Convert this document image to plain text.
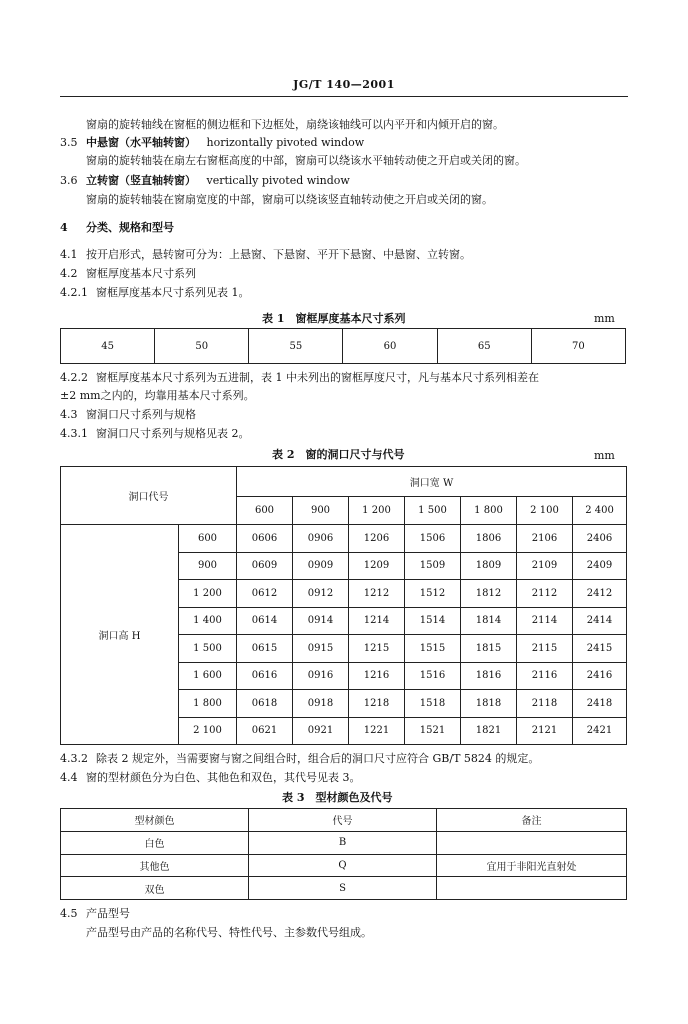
JG/T 140—2001
窗扇的旋转轴线在窗框的侧边框和下边框处，扇绕该轴线可以内平开和内倾开启的窗。
3.5 中悬窗（水平轴转窗） horizontally pivoted window
窗扇的旋转轴装在扇左右窗框高度的中部，窗扇可以绕该水平轴转动使之开启或关闭的窗。
3.6 立转窗（竖直轴转窗） vertically pivoted window
窗扇的旋转轴装在窗扇宽度的中部，窗扇可以绕该竖直轴转动使之开启或关闭的窗。
4 分类、规格和型号
4.1 按开启形式，悬转窗可分为：上悬窗、下悬窗、平开下悬窗、中悬窗、立转窗。
4.2 窗框厚度基本尺寸系列
4.2.1 窗框厚度基本尺寸系列见表 1。
表 1　窗框厚度基本尺寸系列	mm
45	50	55	60	65	70
4.2.2 窗框厚度基本尺寸系列为五进制，表 1 中未列出的窗框厚度尺寸，凡与基本尺寸系列相差在
±2 mm之内的，均靠用基本尺寸系列。
4.3 窗洞口尺寸系列与规格
4.3.1 窗洞口尺寸系列与规格见表 2。
表 2　窗的洞口尺寸与代号	mm
洞口代号		洞口宽 W						
		600	900	1 200	1 500	1 800	2 100	2 400
洞口高 H	600	0606	0906	1206	1506	1806	2106	2406
	900	0609	0909	1209	1509	1809	2109	2409
	1 200	0612	0912	1212	1512	1812	2112	2412
	1 400	0614	0914	1214	1514	1814	2114	2414
	1 500	0615	0915	1215	1515	1815	2115	2415
	1 600	0616	0916	1216	1516	1816	2116	2416
	1 800	0618	0918	1218	1518	1818	2118	2418
	2 100	0621	0921	1221	1521	1821	2121	2421
4.3.2 除表 2 规定外，当需要窗与窗之间组合时，组合后的洞口尺寸应符合 GB/T 5824 的规定。
4.4 窗的型材颜色分为白色、其他色和双色，其代号见表 3。
表 3　型材颜色及代号
型材颜色	代号	备注
白色	B	
其他色	Q	宜用于非阳光直射处
双色	S	
4.5 产品型号
产品型号由产品的名称代号、特性代号、主参数代号组成。
